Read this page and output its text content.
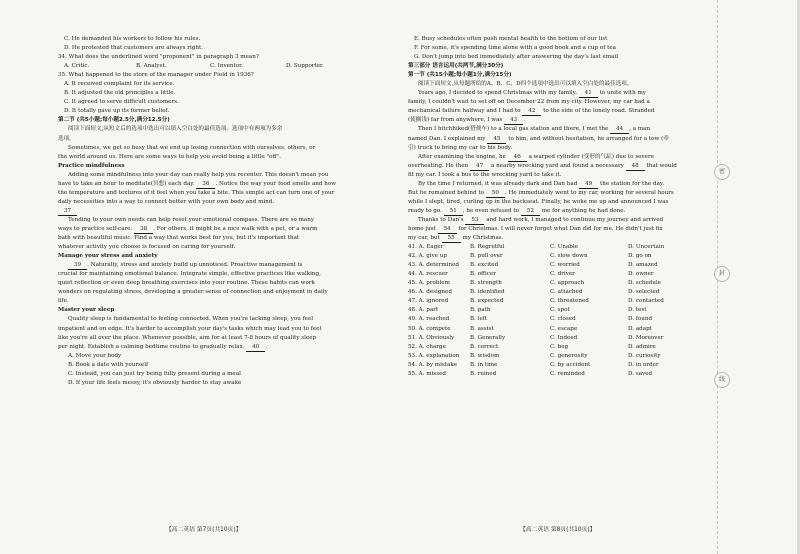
C. He demanded his workers to follow his rules.
D. He protested that customers are always right.
34. What does the underlined word "proponent" in paragraph 3 mean?
A. Critic.	B. Analyst.	C. Inventor.	D. Supporter.
35. What happened to the store of the manager under Field in 1936?
A. It received complaint for its service.
B. It adjusted the old principles a little.
C. It agreed to serve difficult customers.
D. It totally gave up its former belief.
第二节 (共5小题;每小题2.5分,满分12.5分)
阅读下面短文,从短文后的选项中选出可以填入空白处的最佳选项。选项中有两项为多余
选项。
Sometimes, we get so busy that we end up losing connection with ourselves, others, or
the world around us. Here are some ways to help you avoid being a little "off".
Practice mindfulness
Adding some mindfulness into your day can really help you recenter. This doesn't mean you
have to take an hour to meditate(冥想) each day. 36 . Notice the way your food smells and how
the temperature and textures of it feel when you take a bite. This simple act can turn one of your
daily necessities into a way to connect better with your own body and mind.
37
Tending to your own needs can help reset your emotional compass. There are so many
ways to practice self-care. 38 . For others, it might be a nice walk with a pet, or a warm
bath with beautiful music. Find a way that works best for you, but it's important that
whatever activity you choose is focused on caring for yourself.
Manage your stress and anxiety
39 . Naturally, stress and anxiety build up unnoticed. Proactive management is
crucial for maintaining emotional balance. Integrate simple, effective practices like walking,
quiet reflection or even deep breathing exercises into your routine. These habits can work
wonders on regulating stress, developing a greater sense of connection and enjoyment in daily
life.
Master your sleep
Quality sleep is fundamental to feeling connected. When you're lacking sleep, you feel
impatient and on edge. It's harder to accomplish your day's tasks which may lead you to feel
like you're all over the place. Whenever possible, aim for at least 7-8 hours of quality sleep
per night. Establish a calming bedtime routine to gradually relax. 40 .
A. Move your body
B. Book a date with yourself
C. Instead, you can just try being fully present during a meal
D. If your life feels messy, it's obviously harder to stay awake
【高二英语 第7页(共10页)】
E. Busy schedules often push mental health to the bottom of our list
F. For some, it's spending time alone with a good book and a cup of tea
G. Don't jump into bed immediately after answering the day's last email
第三部分 语言运用(共两节,满分30分)
第一节 (共15小题;每小题1分,满分15分)
阅读下面短文,从每题所给的A、B、C、D四个选项中选出可以填入空白处的最佳选项。
Years ago, I decided to spend Christmas with my family. 41 to unite with my
family, I couldn't wait to set off on December 22 from my city. However, my car had a
mechanical failure halfway and I had to 42 to the side of the lonely road. Stranded
(使搁浅) far from anywhere, I was 43 .
Then I hitchhiked(搭便车) to a local gas station and there, I met the 44 , a man
named Dan. I explained my 45 to him, and without hesitation, he arranged for a tow (牵
引) truck to bring my car to his body.
After examining the engine, he 46 a warped cylinder (变形的气缸) due to severe
overheating. He then 47 a nearby wrecking yard and found a necessary 48 that would
fit my car. I took a bus to the wrecking yard to take it.
By the time I returned, it was already dark and Dan had 49 the station for the day.
But he remained behind to 50 . He immediately went to my car, working for several hours
while I slept, tired, curling up in the backseat. Finally, he woke me up and announced I was
ready to go. 51 , he even refused to 52 me for anything he had done.
Thanks to Dan's 53 and hard work, I managed to continue my journey and arrived
home just 54 for Christmas. I will never forget what Dan did for me. He didn't just fix
my car, but 55 my Christmas.
41. A. Eager	B. Regretful	C. Unable	D. Uncertain
42. A. give up	B. pull over	C. slow down	D. go on
43. A. determined B. excited	C. worried	D. amazed
44. A. rescuer	B. officer	C. driver	D. owner
45. A. problem	B. strength	C. approach	D. schedule
46. A. designed	B. identified	C. attached	D. selected
47. A. ignored	B. expected	C. threatened	D. contacted
48. A. part	B. path	C. spot	D. test
49. A. reached	B. left	C. closed	D. found
50. A. compete	B. assist	C. escape	D. adapt
51. A. Obviously	B. Generally	C. Indeed	D. Moreover
52. A. charge	B. correct	C. beg	D. admire
53. A. explanation B. wisdom	C. generosity	D. curiosity
54. A. by mistake B. in time	C. by accident	D. in order
55. A. missed	B. ruined	C. reminded	D. saved
【高二英语 第8页(共10页)】
密
封
线
